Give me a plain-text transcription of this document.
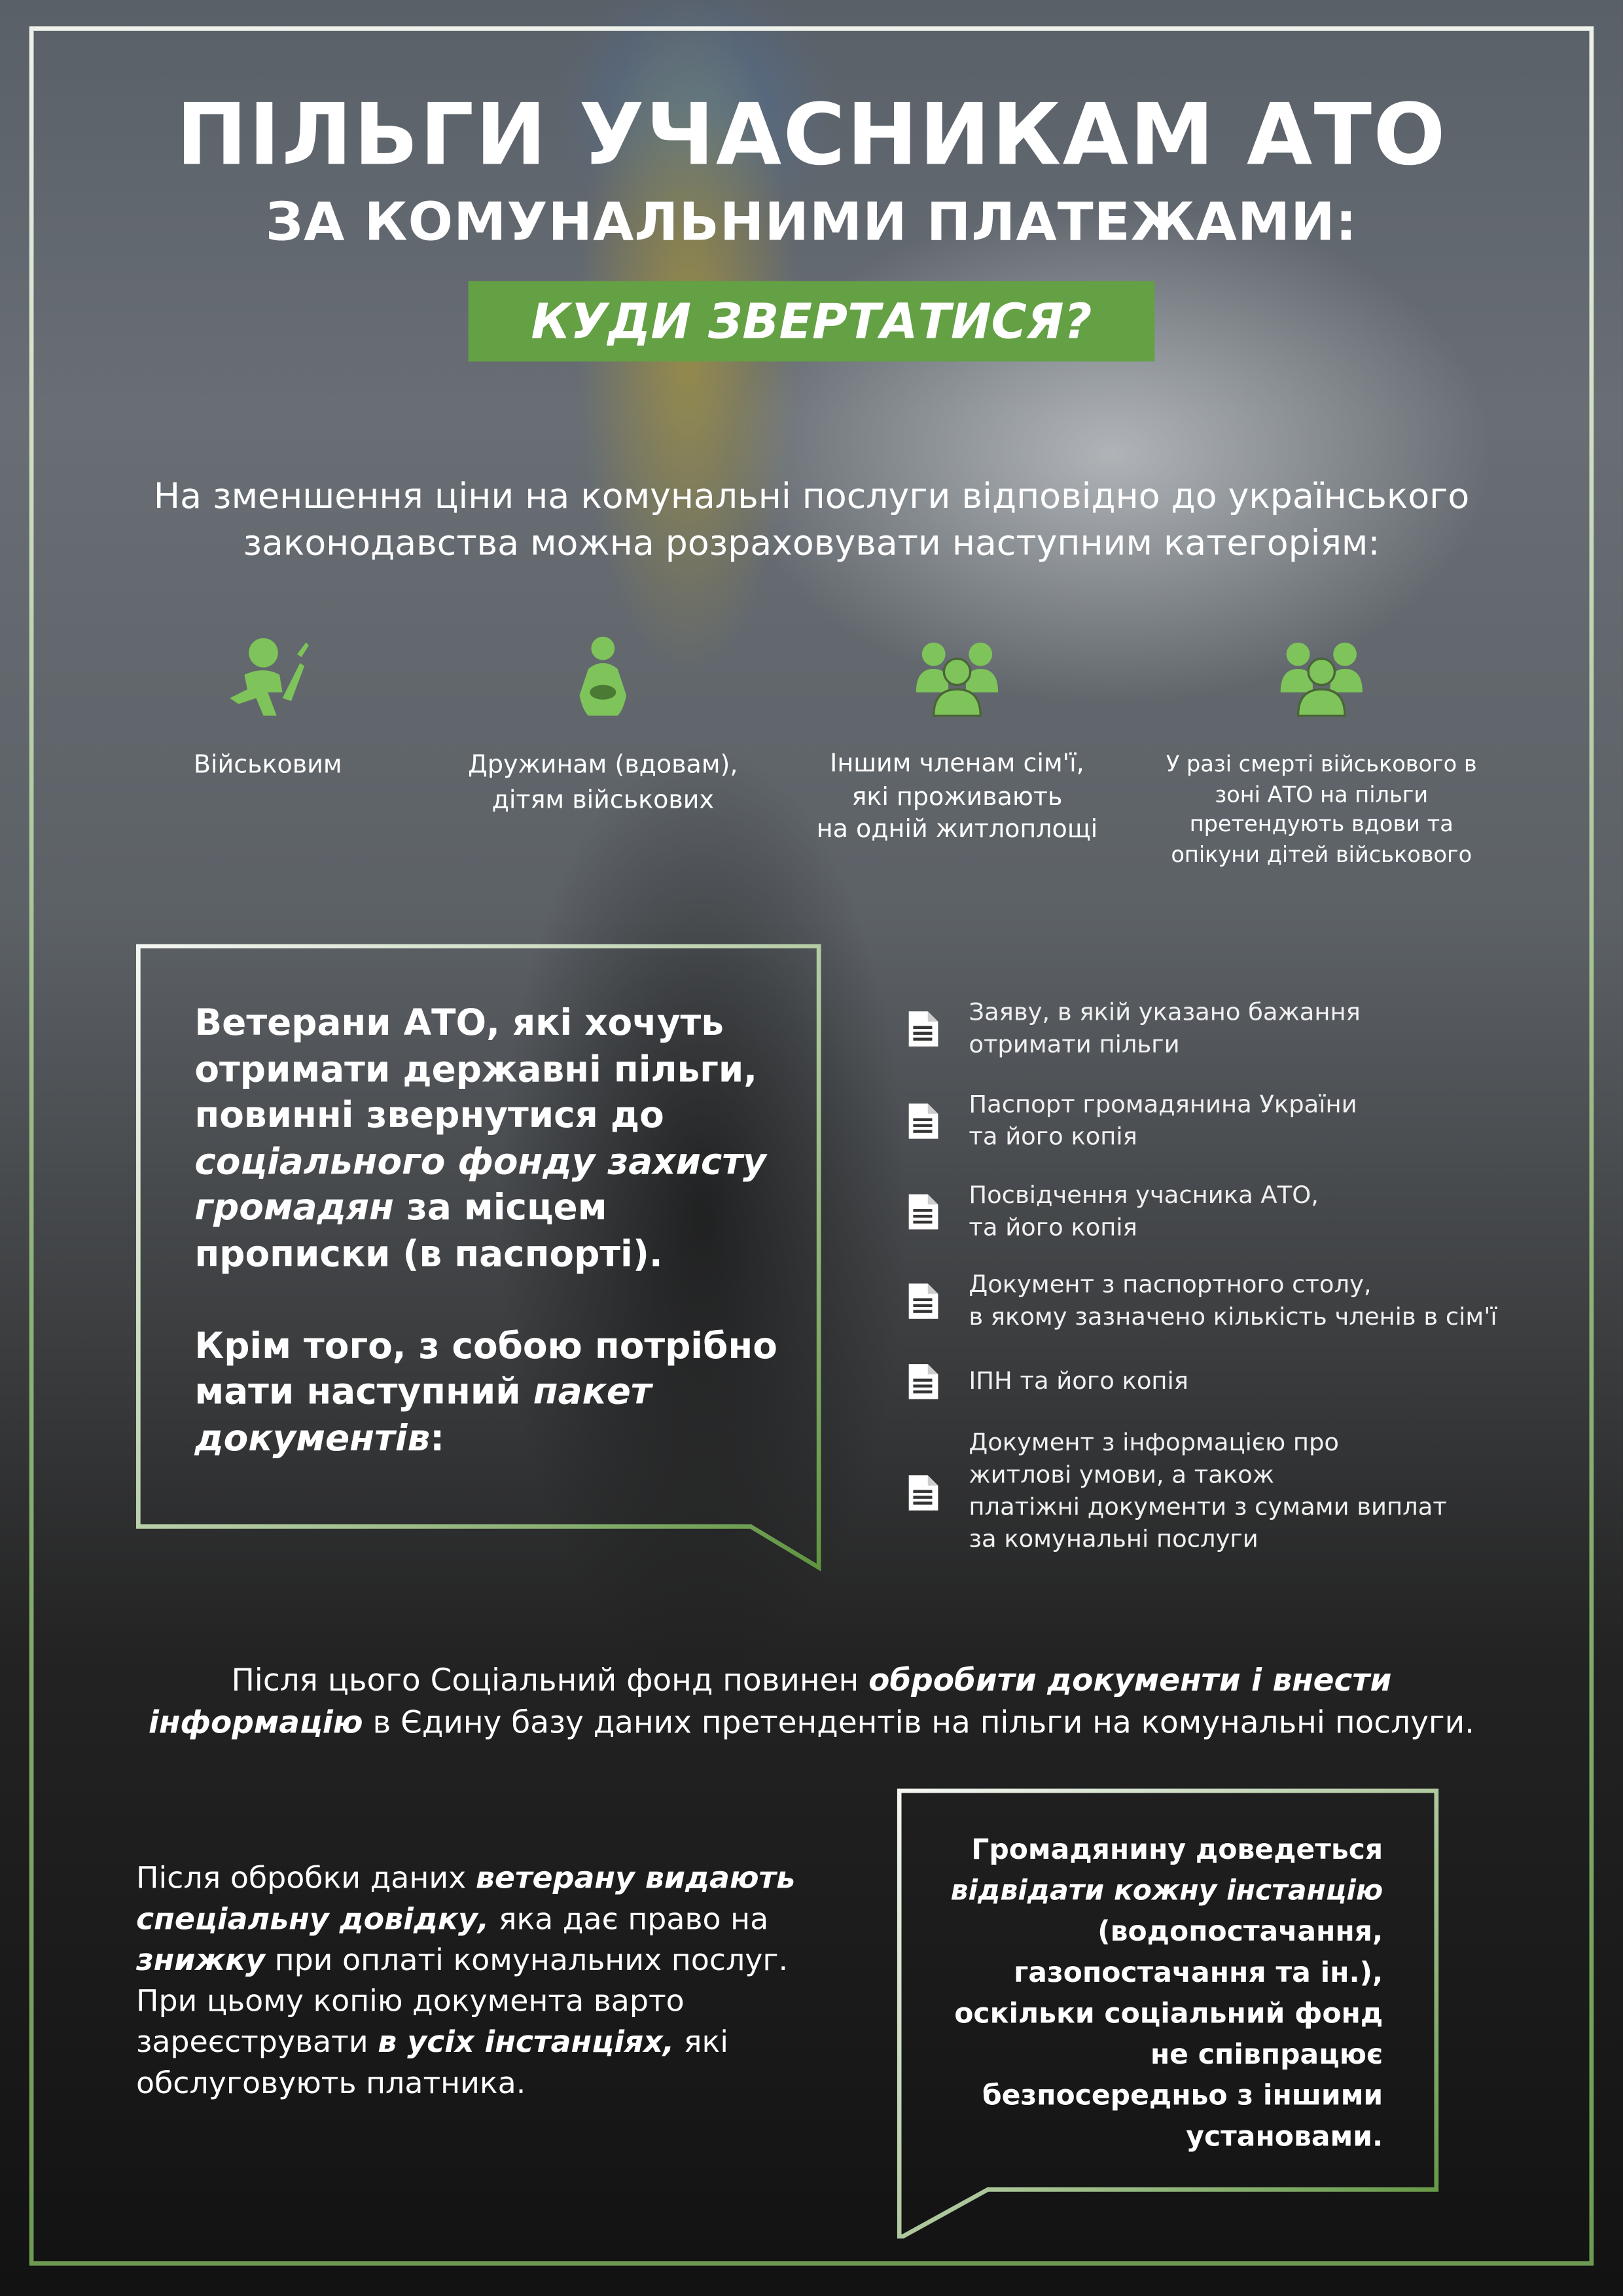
ПІЛЬГИ УЧАСНИКАМ АТО
ЗА КОМУНАЛЬНИМИ ПЛАТЕЖАМИ:
КУДИ ЗВЕРТАТИСЯ?
На зменшення ціни на комунальні послуги відповідно до українського
законодавства можна розраховувати наступним категоріям:
Військовим	Дружинам (вдовам),
дітям військових
Іншим членам сім'ї,
які проживають
на одній житлоплощі
У разі смерті військового в
зоні АТО на пільги
претендують вдови та
опікуни дітей військового
Ветерани АТО, які хочуть
отримати державні пільги,
повинні звернутися до
соціального фонду захисту
громадян за місцем
прописки (в паспорті).
Крім того, з собою потрібно
мати наступний пакет
документів:
Заяву, в якій указано бажання
отримати пільги
Паспорт громадянина України
та його копія
Посвідчення учасника АТО,
та його копія
Документ з паспортного столу,
в якому зазначено кількість членів в сім'ї
ІПН та його копія
Документ з інформацією про
житлові умови, а також
платіжні документи з сумами виплат
за комунальні послуги
Після цього Соціальний фонд повинен обробити документи і внести
інформацію в Єдину базу даних претендентів на пільги на комунальні послуги.
Після обробки даних ветерану видають
спеціальну довідку, яка дає право на
знижку при оплаті комунальних послуг.
При цьому копію документа варто
зареєструвати в усіх інстанціях, які
обслуговують платника.
Громадянину доведеться
відвідати кожну інстанцію
(водопостачання,
газопостачання та ін.),
оскільки соціальний фонд
не співпрацює
безпосередньо з іншими
установами.
